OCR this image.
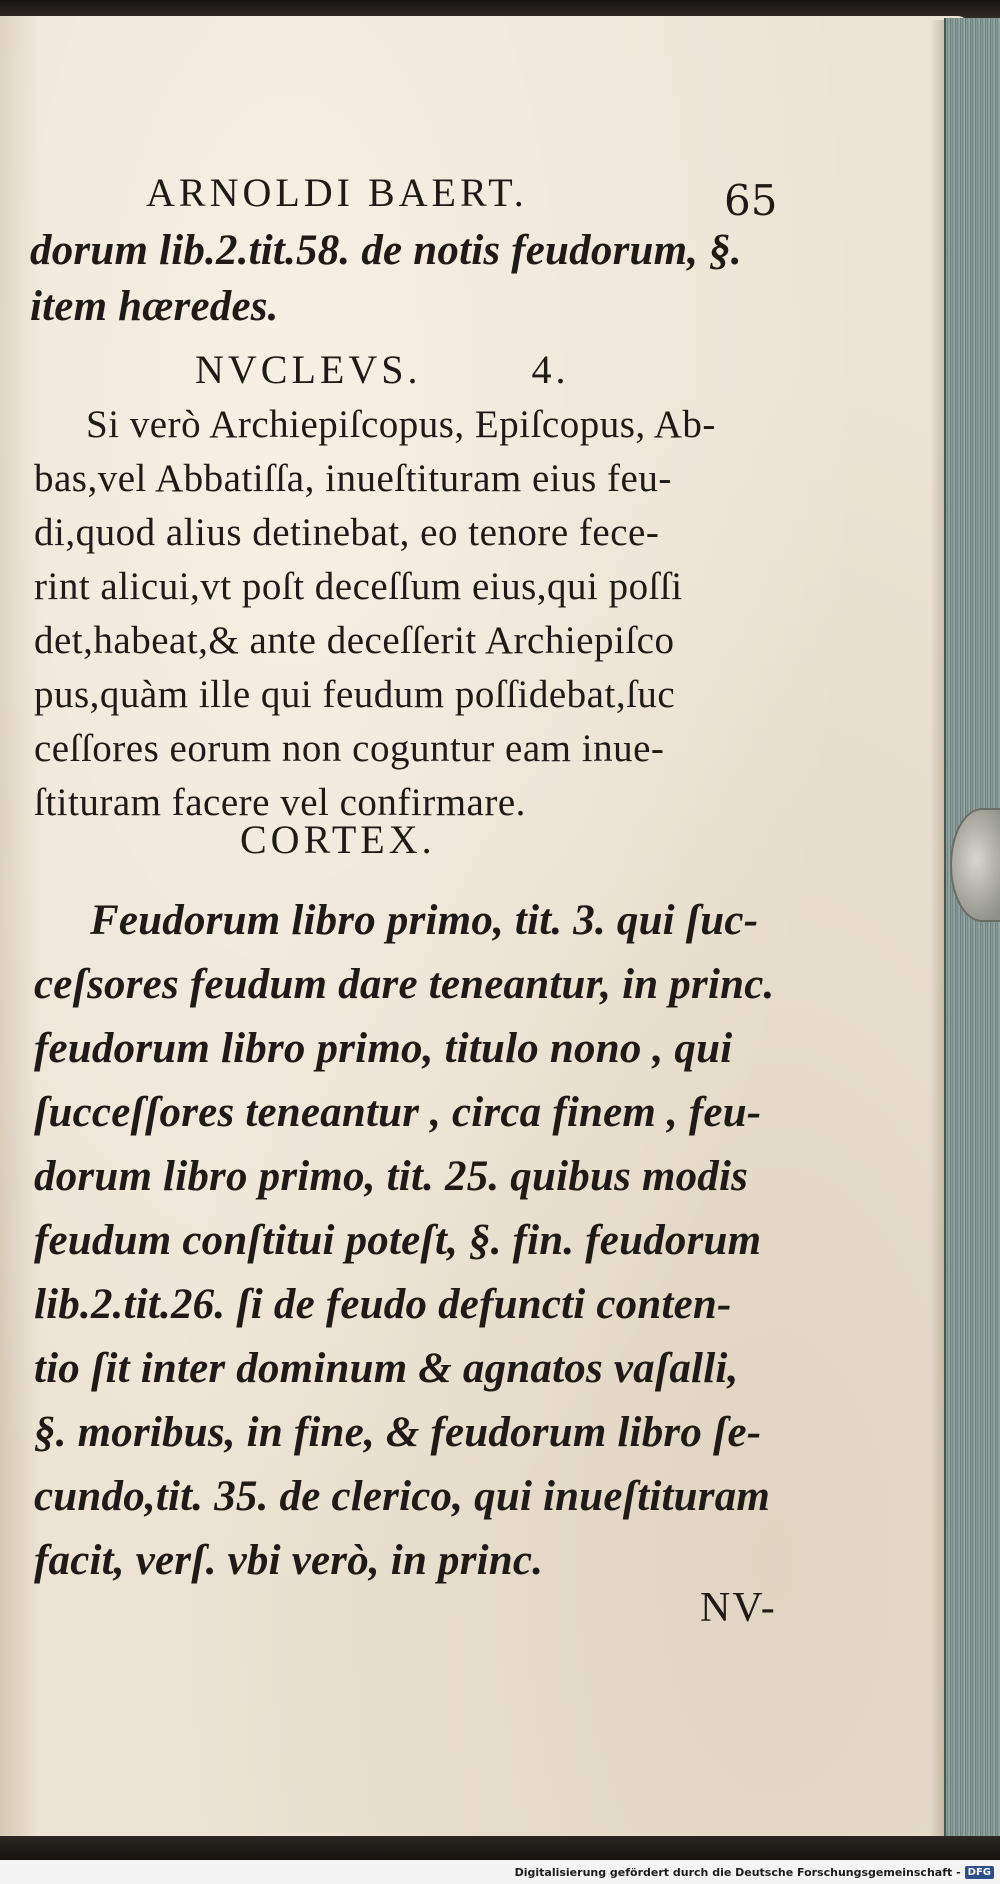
ARNOLDI BAERT.	65
dorum lib.2.tit.58. de notis feudorum, §.
item hæredes.
NVCLEVS.	4.
Si verò Archiepiſcopus, Epiſcopus, Ab-
bas,vel Abbatiſſa, inueſtituram eius feu-
di,quod alius detinebat, eo tenore fece-
rint alicui,vt poſt deceſſum eius,qui poſſi
det,habeat,& ante deceſſerit Archiepiſco
pus,quàm ille qui feudum poſſidebat,ſuc
ceſſores eorum non coguntur eam inue-
ſtituram facere vel confirmare.
CORTEX.
Feudorum libro primo, tit. 3. qui ſuc-
ceſsores feudum dare teneantur, in princ.
feudorum libro primo, titulo nono , qui
ſucceſſores teneantur , circa finem , feu-
dorum libro primo, tit. 25. quibus modis
feudum conſtitui poteſt, §. fin. feudorum
lib.2.tit.26. ſi de feudo defuncti conten-
tio ſit inter dominum & agnatos vaſalli,
§. moribus, in fine, & feudorum libro ſe-
cundo,tit. 35. de clerico, qui inueſtituram
facit, verſ. vbi verò, in princ.
NV-
Digitalisierung gefördert durch die Deutsche Forschungsgemeinschaft - DFG
